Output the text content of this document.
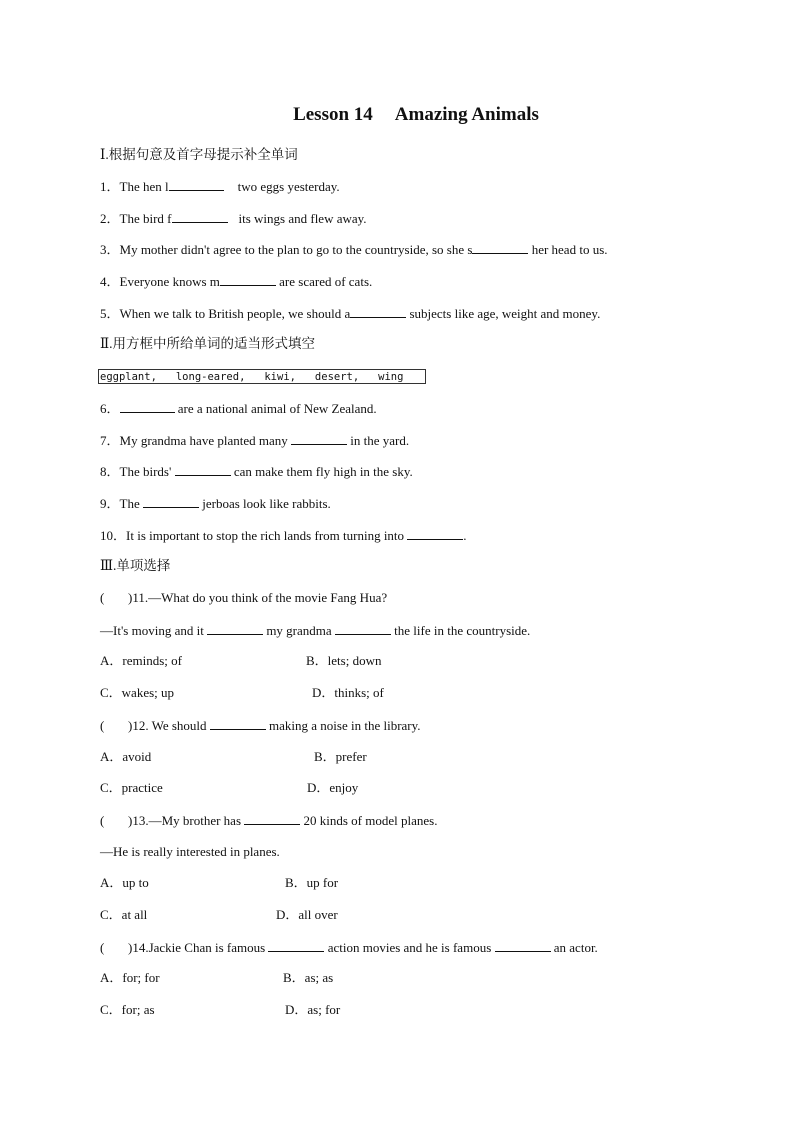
Lesson 14 Amazing Animals
Ⅰ.根据句意及首字母提示补全单词
1．The hen l	two eggs yesterday.
2．The bird f	its wings and flew away.
3．My mother didn't agree to the plan to go to the countryside, so she s	her head to us.
4．Everyone knows m	are scared of cats.
5．When we talk to British people, we should a	subjects like age, weight and money.
Ⅱ.用方框中所给单词的适当形式填空
eggplant,   long-eared,   kiwi,   desert,   wing
6．	are a national animal of New Zealand.
7．My grandma have planted many	in the yard.
8．The birds'	can make them fly high in the sky.
9．The	jerboas look like rabbits.
10．It is important to stop the rich lands from turning into	.
Ⅲ.单项选择
( )11.—What do you think of the movie Fang Hua?
—It's moving and it	my grandma	the life in the countryside.
A．reminds; of	B．lets; down
C．wakes; up	D．thinks; of
( )12. We should	making a noise in the library.
A．avoid	B．prefer
C．practice	D．enjoy
( )13.—My brother has	20 kinds of model planes.
—He is really interested in planes.
A．up to	B．up for
C．at all	D．all over
( )14.Jackie Chan is famous	action movies and he is famous	an actor.
A．for; for	B．as; as
C．for; as	D．as; for
